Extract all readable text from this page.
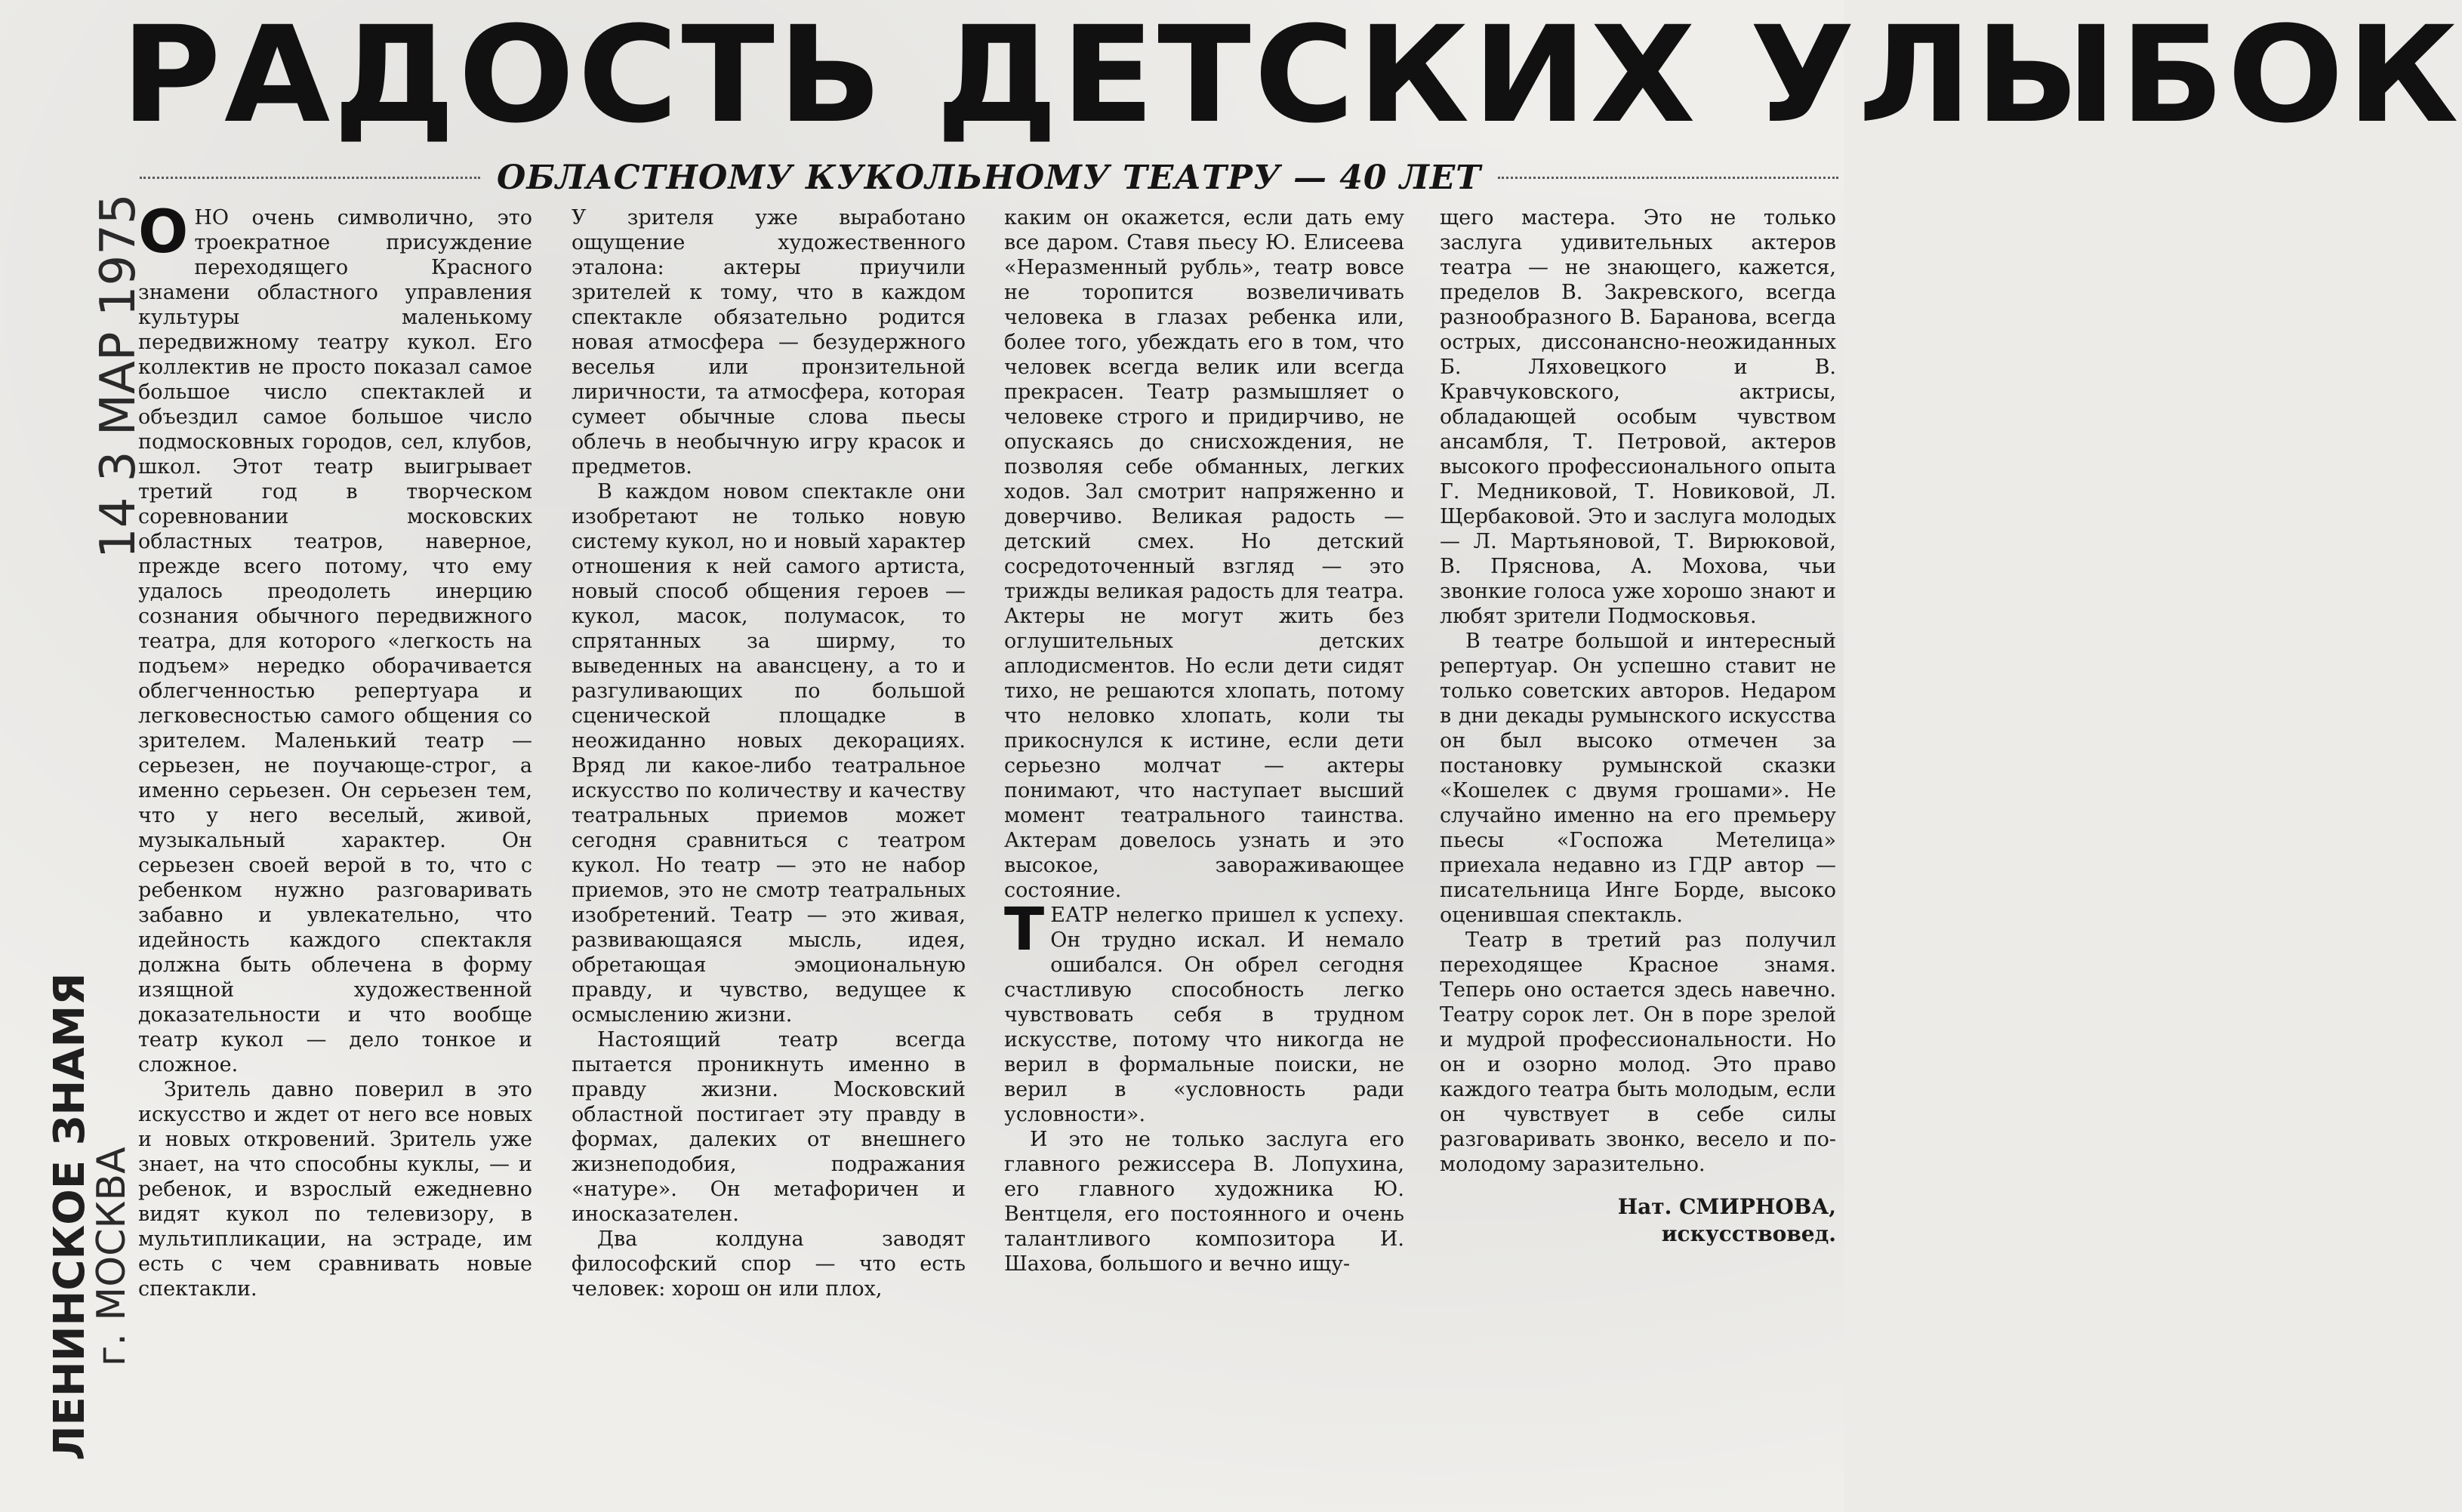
РАДОСТЬ ДЕТСКИХ УЛЫБОК
ОБЛАСТНОМУ КУКОЛЬНОМУ ТЕАТРУ — 40 ЛЕТ
14 3 МАР 1975
ЛЕНИНСКОЕ ЗНАМЯ
г. МОСКВА

ОНО очень символично, это троекратное присуждение переходящего Красного знамени областного управления культуры маленькому передвижному театру кукол. Его коллектив не просто показал самое большое число спектаклей и объездил самое большое число подмосковных городов, сел, клубов, школ. Этот театр выигрывает третий год в творческом соревновании московских областных театров, наверное, прежде всего потому, что ему удалось преодолеть инерцию сознания обычного передвижного театра, для которого «легкость на подъем» нередко оборачивается облегченностью репертуара и легковесностью самого общения со зрителем. Маленький театр — серьезен, не поучающе-строг, а именно серьезен. Он серьезен тем, что у него веселый, живой, музыкальный характер. Он серьезен своей верой в то, что с ребенком нужно разговаривать забавно и увлекательно, что идейность каждого спектакля должна быть облечена в форму изящной художественной доказательности и что вообще театр кукол — дело тонкое и сложное.

Зритель давно поверил в это искусство и ждет от него все новых и новых откровений. Зритель уже знает, на что способны куклы, — и ребенок, и взрослый ежедневно видят кукол по телевизору, в мультипликации, на эстраде, им есть с чем сравнивать новые спектакли.

У зрителя уже выработано ощущение художественного эталона: актеры приучили зрителей к тому, что в каждом спектакле обязательно родится новая атмосфера — безудержного веселья или пронзительной лиричности, та атмосфера, которая сумеет обычные слова пьесы облечь в необычную игру красок и предметов.

В каждом новом спектакле они изобретают не только новую систему кукол, но и новый характер отношения к ней самого артиста, новый способ общения героев — кукол, масок, полумасок, то спрятанных за ширму, то выведенных на авансцену, а то и разгуливающих по большой сценической площадке в неожиданно новых декорациях. Вряд ли какое-либо театральное искусство по количеству и качеству театральных приемов может сегодня сравниться с театром кукол. Но театр — это не набор приемов, это не смотр театральных изобретений. Театр — это живая, развивающаяся мысль, идея, обретающая эмоциональную правду, и чувство, ведущее к осмыслению жизни.

Настоящий театр всегда пытается проникнуть именно в правду жизни. Московский областной постигает эту правду в формах, далеких от внешнего жизнеподобия, подражания «натуре». Он метафоричен и иносказателен.

Два колдуна заводят философский спор — что есть человек: хорош он или плох,

каким он окажется, если дать ему все даром. Ставя пьесу Ю. Елисеева «Неразменный рубль», театр вовсе не торопится возвеличивать человека в глазах ребенка или, более того, убеждать его в том, что человек всегда велик или всегда прекрасен. Театр размышляет о человеке строго и придирчиво, не опускаясь до снисхождения, не позволяя себе обманных, легких ходов. Зал смотрит напряженно и доверчиво. Великая радость — детский смех. Но детский сосредоточенный взгляд — это трижды великая радость для театра. Актеры не могут жить без оглушительных детских аплодисментов. Но если дети сидят тихо, не решаются хлопать, потому что неловко хлопать, коли ты прикоснулся к истине, если дети серьезно молчат — актеры понимают, что наступает высший момент театрального таинства. Актерам довелось узнать и это высокое, завораживающее состояние.

ТЕАТР нелегко пришел к успеху. Он трудно искал. И немало ошибался. Он обрел сегодня счастливую способность легко чувствовать себя в трудном искусстве, потому что никогда не верил в формальные поиски, не верил в «условность ради условности».

И это не только заслуга его главного режиссера В. Лопухина, его главного художника Ю. Вентцеля, его постоянного и очень талантливого композитора И. Шахова, большого и вечно ищу-

щего мастера. Это не только заслуга удивительных актеров театра — не знающего, кажется, пределов В. Закревского, всегда разнообразного В. Баранова, всегда острых, диссонансно-неожиданных Б. Ляховецкого и В. Кравчуковского, актрисы, обладающей особым чувством ансамбля, Т. Петровой, актеров высокого профессионального опыта Г. Медниковой, Т. Новиковой, Л. Щербаковой. Это и заслуга молодых — Л. Мартьяновой, Т. Вирюковой, В. Пряснова, А. Моховa, чьи звонкие голоса уже хорошо знают и любят зрители Подмосковья.

В театре большой и интересный репертуар. Он успешно ставит не только советских авторов. Недаром в дни декады румынского искусства он был высоко отмечен за постановку румынской сказки «Кошелек с двумя грошами». Не случайно именно на его премьеру пьесы «Госпожа Метелица» приехала недавно из ГДР автор — писательница Инге Борде, высоко оценившая спектакль.

Театр в третий раз получил переходящее Красное знамя. Теперь оно остается здесь навечно. Театру сорок лет. Он в поре зрелой и мудрой профессиональности. Но он и озорно молод. Это право каждого театра быть молодым, если он чувствует в себе силы разговаривать звонко, весело и по-молодому заразительно.

Нат. СМИРНОВА,
искусствовед.
